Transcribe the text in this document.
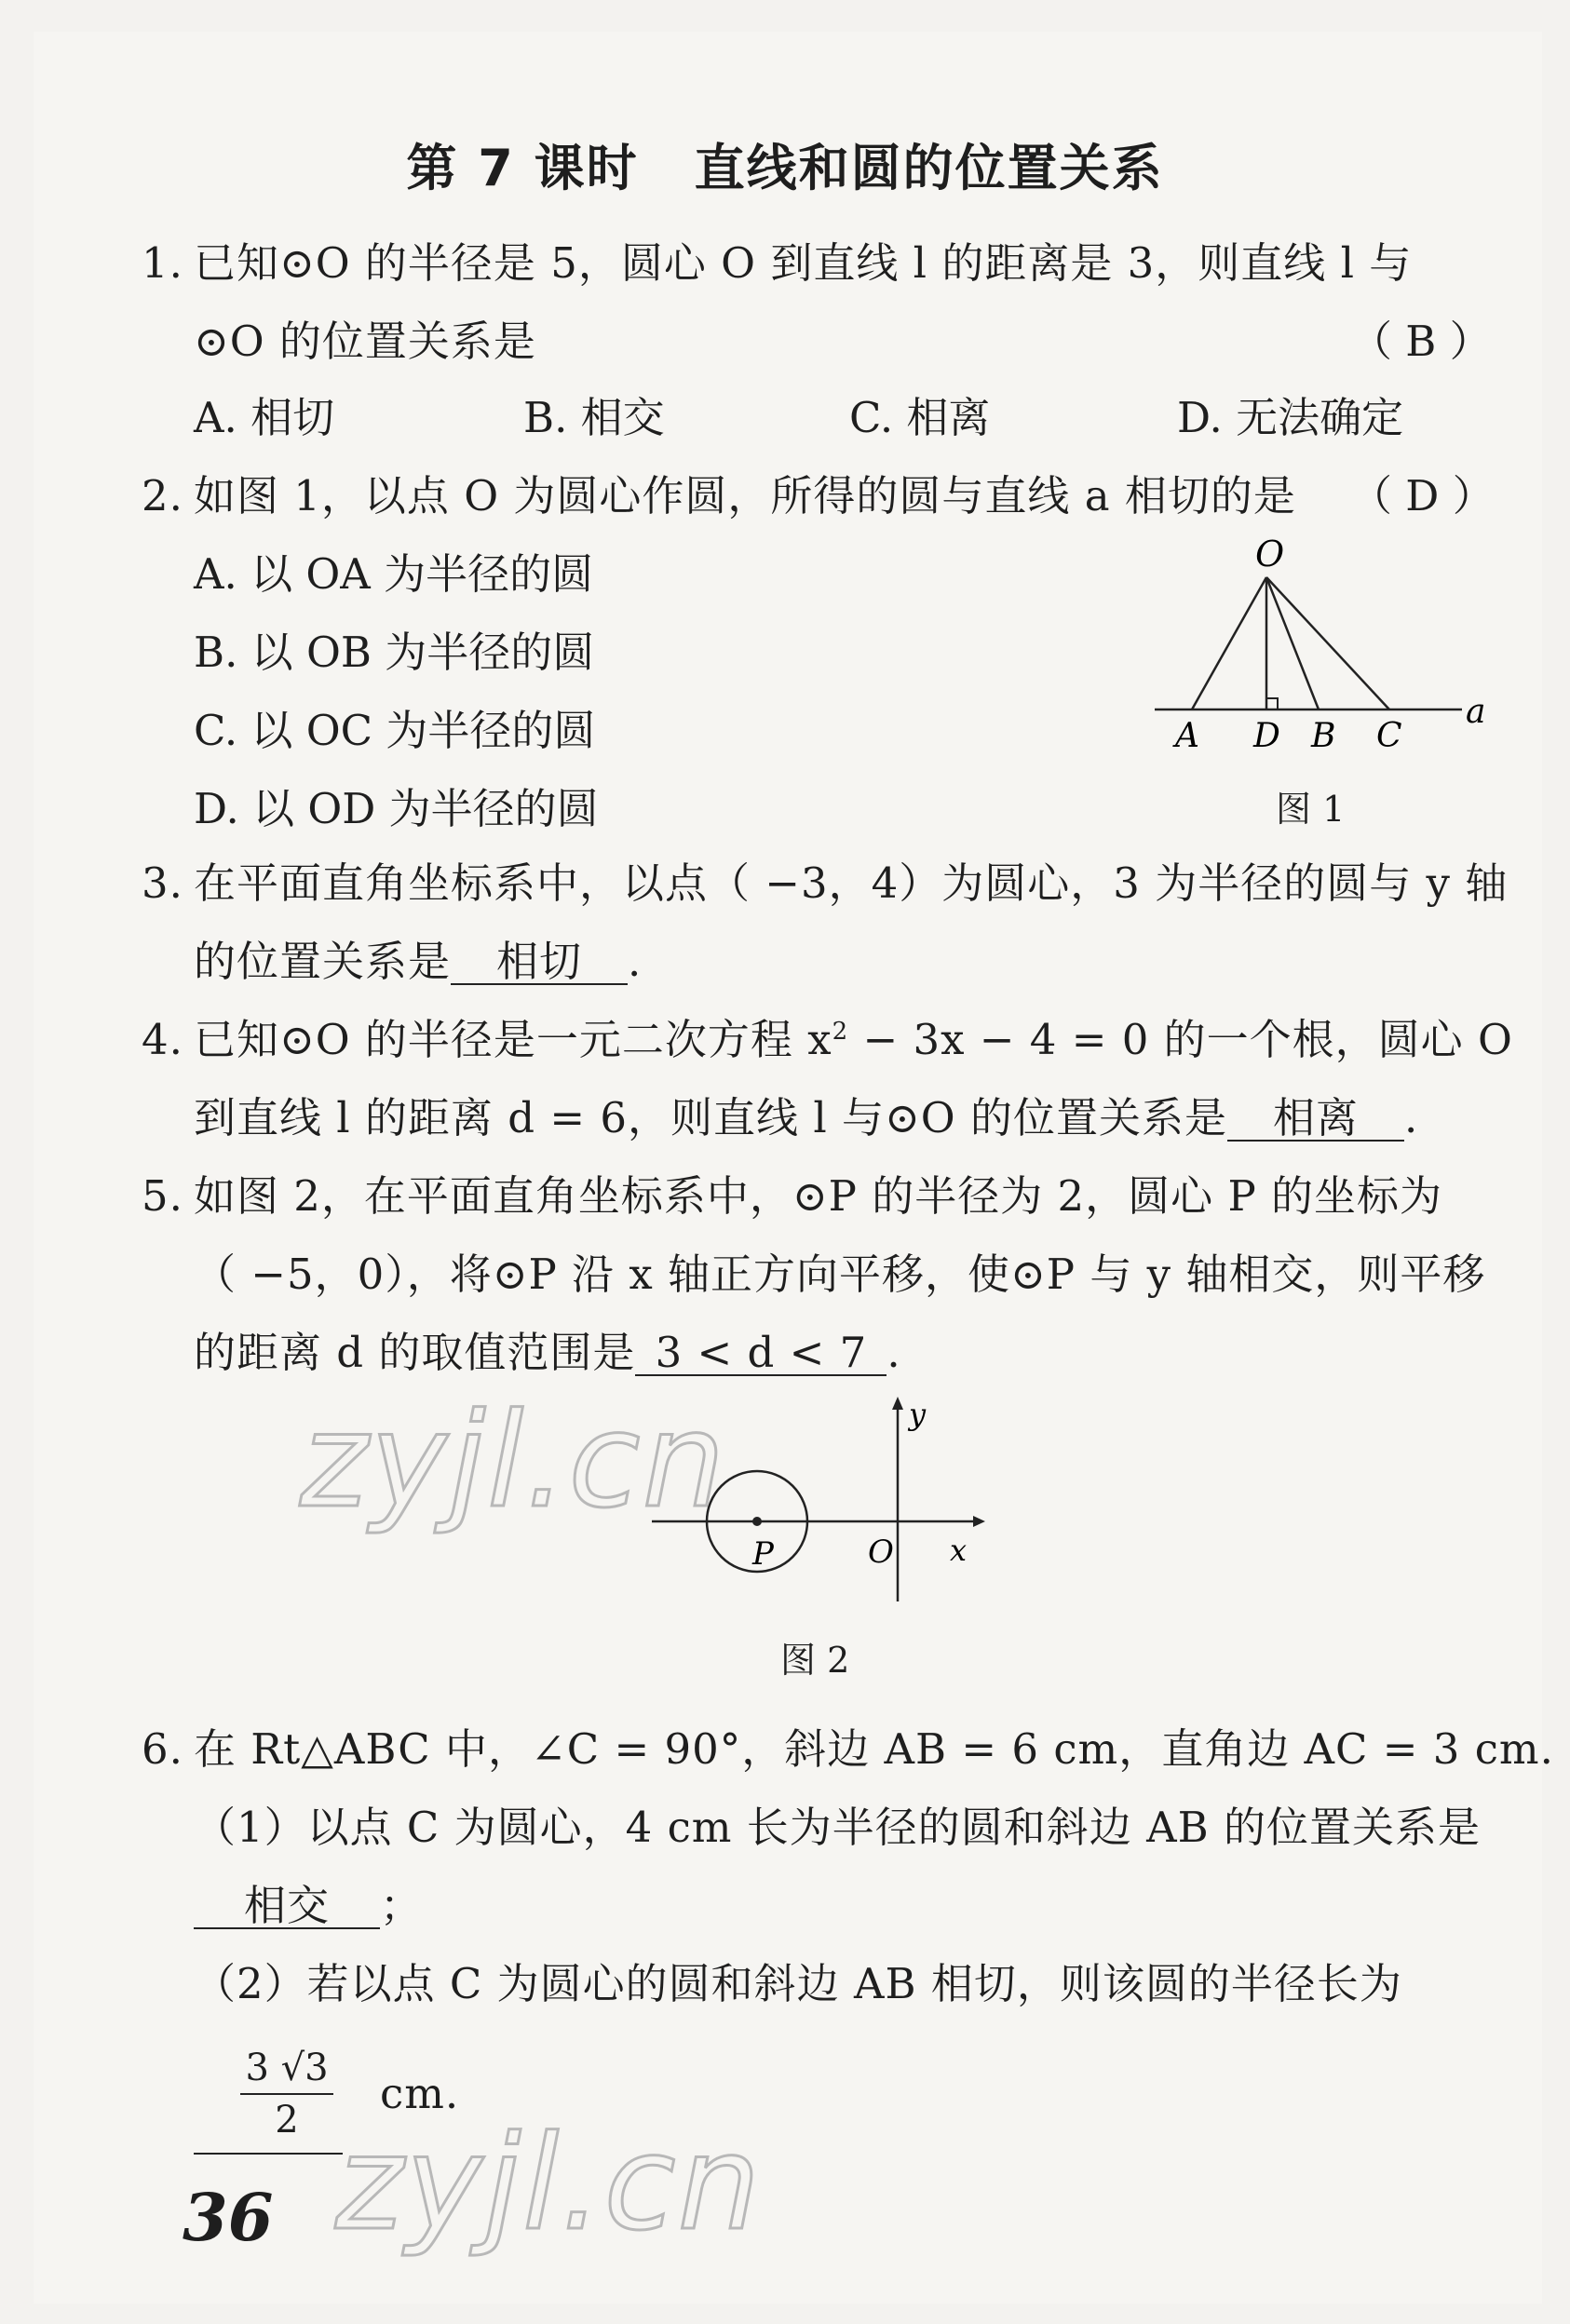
第 7 课时 直线和圆的位置关系
1. 已知⊙O 的半径是 5，圆心 O 到直线 l 的距离是 3，则直线 l 与
⊙O 的位置关系是	（ B ）
A. 相切	B. 相交	C. 相离	D. 无法确定
2. 如图 1，以点 O 为圆心作圆，所得的圆与直线 a 相切的是 （ D ）
A. 以 OA 为半径的圆
B. 以 OB 为半径的圆
C. 以 OC 为半径的圆
D. 以 OD 为半径的圆
O
A D B C
a
图 1
3. 在平面直角坐标系中，以点（ −3，4）为圆心，3 为半径的圆与 y 轴
的位置关系是 相切 .
4. 已知⊙O 的半径是一元二次方程 $x^2 - 3x - 4 = 0$ 的一个根，圆心 O
到直线 l 的距离 d = 6，则直线 l 与⊙O 的位置关系是 相离 .
5. 如图 2，在平面直角坐标系中，⊙P 的半径为 2，圆心 P 的坐标为
（ −5，0），将⊙P 沿 x 轴正方向平移，使⊙P 与 y 轴相交，则平移
的距离 d 的取值范围是 3 < d < 7 .
y
P	O x
图 2
zyjl.cn
6. 在 Rt△ABC 中，∠C = 90°，斜边 AB = 6 cm，直角边 AC = 3 cm.
（1）以点 C 为圆心，4 cm 长为半径的圆和斜边 AB 的位置关系是
相交 ；
（2）若以点 C 为圆心的圆和斜边 AB 相切，则该圆的半径长为
3 √3
2
cm.
36 zyjl.cn
